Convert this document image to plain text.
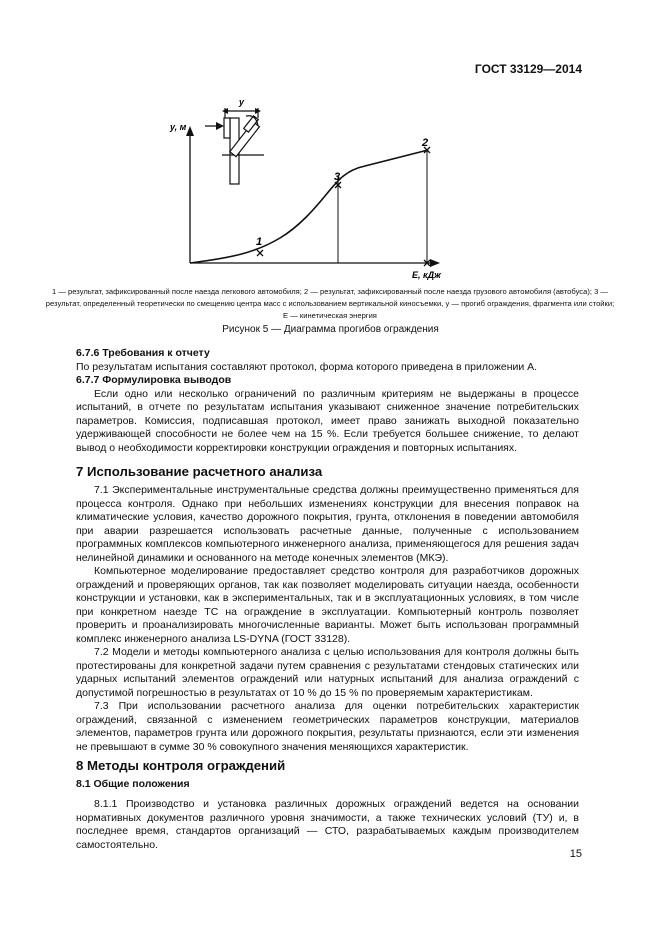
ГОСТ 33129—2014
y, м
E, кДж
1
3
2
y
1 — результат, зафиксированный после наезда легкового автомобиля; 2 — результат, зафиксированный после наезда грузового автомобиля (автобуса); 3 — результат, определенный теоретически по смещению центра масс с использованием вертикальной киносъемки, y — прогиб ограждения, фрагмента или стойки; E — кинетическая энергия
Рисунок 5 — Диаграмма прогибов ограждения
6.7.6 Требования к отчету

По результатам испытания составляют протокол, форма которого приведена в приложении А.

6.7.7 Формулировка выводов

Если одно или несколько ограничений по различным критериям не выдержаны в процессе испытаний, в отчете по результатам испытания указывают сниженное значение потребительских параметров. Комиссия, подписавшая протокол, имеет право занижать выходной показательно удерживающей способности не более чем на 15 %. Если требуется большее снижение, то делают вывод о необходимости корректировки конструкции ограждения и повторных испытаниях.

7 Использование расчетного анализа

7.1 Экспериментальные инструментальные средства должны преимущественно применяться для процесса контроля. Однако при небольших изменениях конструкции для внесения поправок на климатические условия, качество дорожного покрытия, грунта, отклонения в поведении автомобиля при аварии разрешается использовать расчетные данные, полученные с использованием программных комплексов компьютерного инженерного анализа, применяющегося для решения задач нелинейной динамики и основанного на методе конечных элементов (МКЭ).

Компьютерное моделирование предоставляет средство контроля для разработчиков дорожных ограждений и проверяющих органов, так как позволяет моделировать ситуации наезда, особенности конструкции и установки, как в экспериментальных, так и в эксплуатационных условиях, в том числе при конкретном наезде ТС на ограждение в эксплуатации. Компьютерный контроль позволяет проверить и проанализировать многочисленные варианты. Может быть использован программный комплекс инженерного анализа LS-DYNA (ГОСТ 33128).

7.2 Модели и методы компьютерного анализа с целью использования для контроля должны быть протестированы для конкретной задачи путем сравнения с результатами стендовых статических или ударных испытаний элементов ограждений или натурных испытаний для анализа ограждений с допустимой погрешностью в результатах от 10 % до 15 % по проверяемым характеристикам.

7.3 При использовании расчетного анализа для оценки потребительских характеристик ограждений, связанной с изменением геометрических параметров конструкции, материалов элементов, параметров грунта или дорожного покрытия, результаты признаются, если эти изменения не превышают в сумме 30 % совокупного значения меняющихся характеристик.

8 Методы контроля ограждений
8.1 Общие положения

8.1.1 Производство и установка различных дорожных ограждений ведется на основании нормативных документов различного уровня значимости, а также технических условий (ТУ) и, в последнее время, стандартов организаций — СТО, разрабатываемых каждым производителем самостоятельно.

15
